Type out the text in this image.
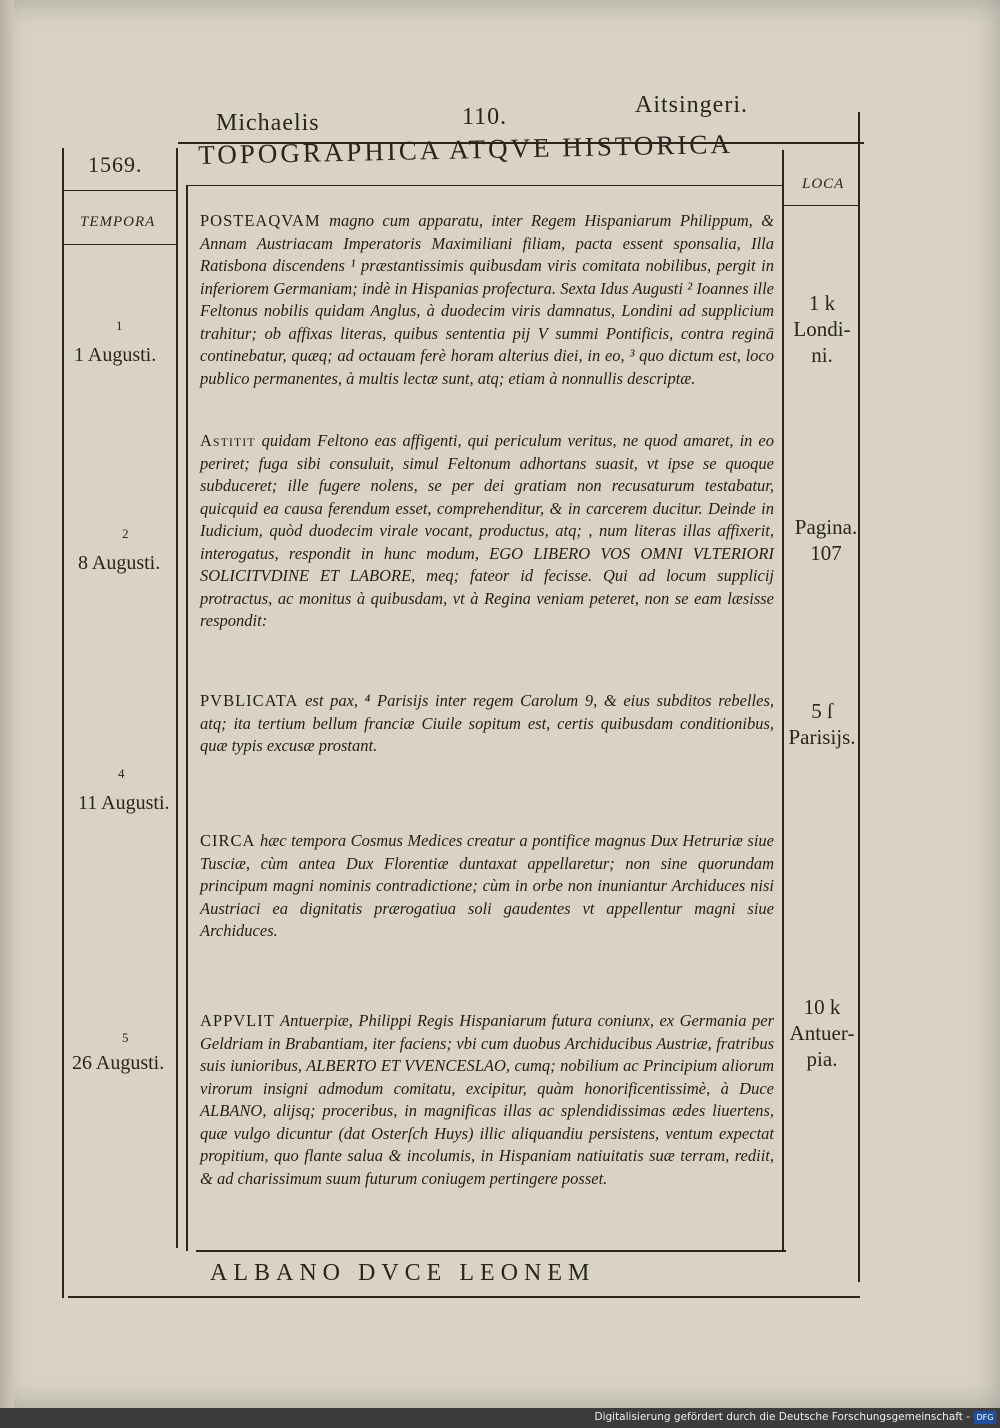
Michaelis	110.	Aitsingeri.
1569. TOPOGRAPHICA ATQVE HISTORICA
TEMPORA
LOCA
1
1 Augusti.
1 k
Londi-
ni.
POSTEAQVAM magno cum apparatu, inter Regem Hispaniarum Philippum, & Annam Austriacam Imperatoris Maximiliani filiam, pacta essent sponsalia, Illa Ratisbona discendens ¹ præstantissimis quibusdam viris comitata nobilibus, pergit in inferiorem Germaniam; indè in Hispanias profectura. Sexta Idus Augusti ² Ioannes ille Feltonus nobilis quidam Anglus, à duodecim viris damnatus, Londini ad supplicium trahitur; ob affixas literas, quibus sententia pij V summi Pontificis, contra reginā continebatur, quæq; ad octauam ferè horam alterius diei, in eo, ³ quo dictum est, loco publico permanentes, à multis lectæ sunt, atq; etiam à nonnullis descriptæ.
2
8 Augusti.
Pagina.
107
Astitit quidam Feltono eas affigenti, qui periculum veritus, ne quod amaret, in eo periret; fuga sibi consuluit, simul Feltonum adhortans suasit, vt ipse se quoque subduceret; ille fugere nolens, se per dei gratiam non recusaturum testabatur, quicquid ea causa ferendum esset, comprehenditur, & in carcerem ducitur. Deinde in Iudicium, quòd duodecim virale vocant, productus, atq; , num literas illas affixerit, interogatus, respondit in hunc modum, EGO LIBERO VOS OMNI VLTERIORI SOLICITVDINE ET LABORE, meq; fateor id fecisse. Qui ad locum supplicij protractus, ac monitus à quibusdam, vt à Regina veniam peteret, non se eam læsisse respondit:
4
11 Augusti.
5 ſ
Parisijs.
PVBLICATA est pax, ⁴ Parisijs inter regem Carolum 9, & eius subditos rebelles, atq; ita tertium bellum franciæ Ciuile sopitum est, certis quibusdam conditionibus, quæ typis excusæ prostant.
CIRCA hæc tempora Cosmus Medices creatur a pontifice magnus Dux Hetruriæ siue Tusciæ, cùm antea Dux Florentiæ duntaxat appellaretur; non sine quorundam principum magni nominis contradictione; cùm in orbe non inuniantur Archiduces nisi Austriaci ea dignitatis prærogatiua soli gaudentes vt appellentur magni siue Archiduces.
5
26 Augusti.
10 k
Antuer-
pia.
APPVLIT Antuerpiæ, Philippi Regis Hispaniarum futura coniunx, ex Germania per Geldriam in Brabantiam, iter faciens; vbi cum duobus Archiducibus Austriæ, fratribus suis iunioribus, ALBERTO ET VVENCESLAO, cumq; nobilium ac Principium aliorum virorum insigni admodum comitatu, excipitur, quàm honorificentissimè, à Duce ALBANO, alijsq; proceribus, in magnificas illas ac splendidissimas ædes liuertens, quæ vulgo dicuntur (dat Osterſch Huys) illic aliquandiu persistens, ventum expectat propitium, quo flante salua & incolumis, in Hispaniam natiuitatis suæ terram, rediit, & ad charissimum suum futurum coniugem pertingere posset.
ALBANO DVCE LEONEM
Digitalisierung gefördert durch die Deutsche Forschungsgemeinschaft - DFG
